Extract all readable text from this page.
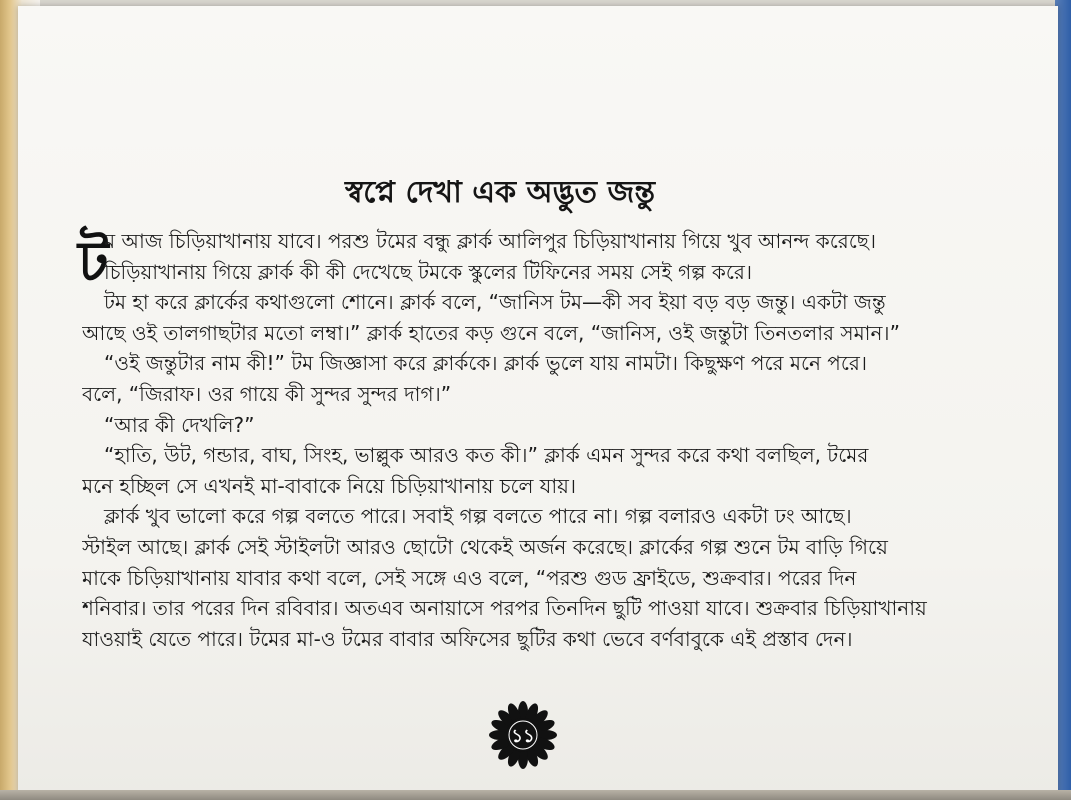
স্বপ্নে দেখা এক অদ্ভুত জন্তু
ট
ম আজ চিড়িয়াখানায় যাবে। পরশু টমের বন্ধু ক্লার্ক আলিপুর চিড়িয়াখানায় গিয়ে খুব আনন্দ করেছে।
চিড়িয়াখানায় গিয়ে ক্লার্ক কী কী দেখেছে টমকে স্কুলের টিফিনের সময় সেই গল্প করে।
টম হা করে ক্লার্কের কথাগুলো শোনে। ক্লার্ক বলে, “জানিস টম—কী সব ইয়া বড় বড় জন্তু। একটা জন্তু
আছে ওই তালগাছটার মতো লম্বা।” ক্লার্ক হাতের কড় গুনে বলে, “জানিস, ওই জন্তুটা তিনতলার সমান।”
“ওই জন্তুটার নাম কী!” টম জিজ্ঞাসা করে ক্লার্ককে। ক্লার্ক ভুলে যায় নামটা। কিছুক্ষণ পরে মনে পরে।
বলে, “জিরাফ। ওর গায়ে কী সুন্দর সুন্দর দাগ।”
“আর কী দেখলি?”
“হাতি, উট, গন্ডার, বাঘ, সিংহ, ভাল্লুক আরও কত কী।” ক্লার্ক এমন সুন্দর করে কথা বলছিল, টমের
মনে হচ্ছিল সে এখনই মা-বাবাকে নিয়ে চিড়িয়াখানায় চলে যায়।
ক্লার্ক খুব ভালো করে গল্প বলতে পারে। সবাই গল্প বলতে পারে না। গল্প বলারও একটা ঢং আছে।
স্টাইল আছে। ক্লার্ক সেই স্টাইলটা আরও ছোটো থেকেই অর্জন করেছে। ক্লার্কের গল্প শুনে টম বাড়ি গিয়ে
মাকে চিড়িয়াখানায় যাবার কথা বলে, সেই সঙ্গে এও বলে, “পরশু গুড ফ্রাইডে, শুক্রবার। পরের দিন
শনিবার। তার পরের দিন রবিবার। অতএব অনায়াসে পরপর তিনদিন ছুটি পাওয়া যাবে। শুক্রবার চিড়িয়াখানায়
যাওয়াই যেতে পারে। টমের মা-ও টমের বাবার অফিসের ছুটির কথা ভেবে বর্ণবাবুকে এই প্রস্তাব দেন।
১১
